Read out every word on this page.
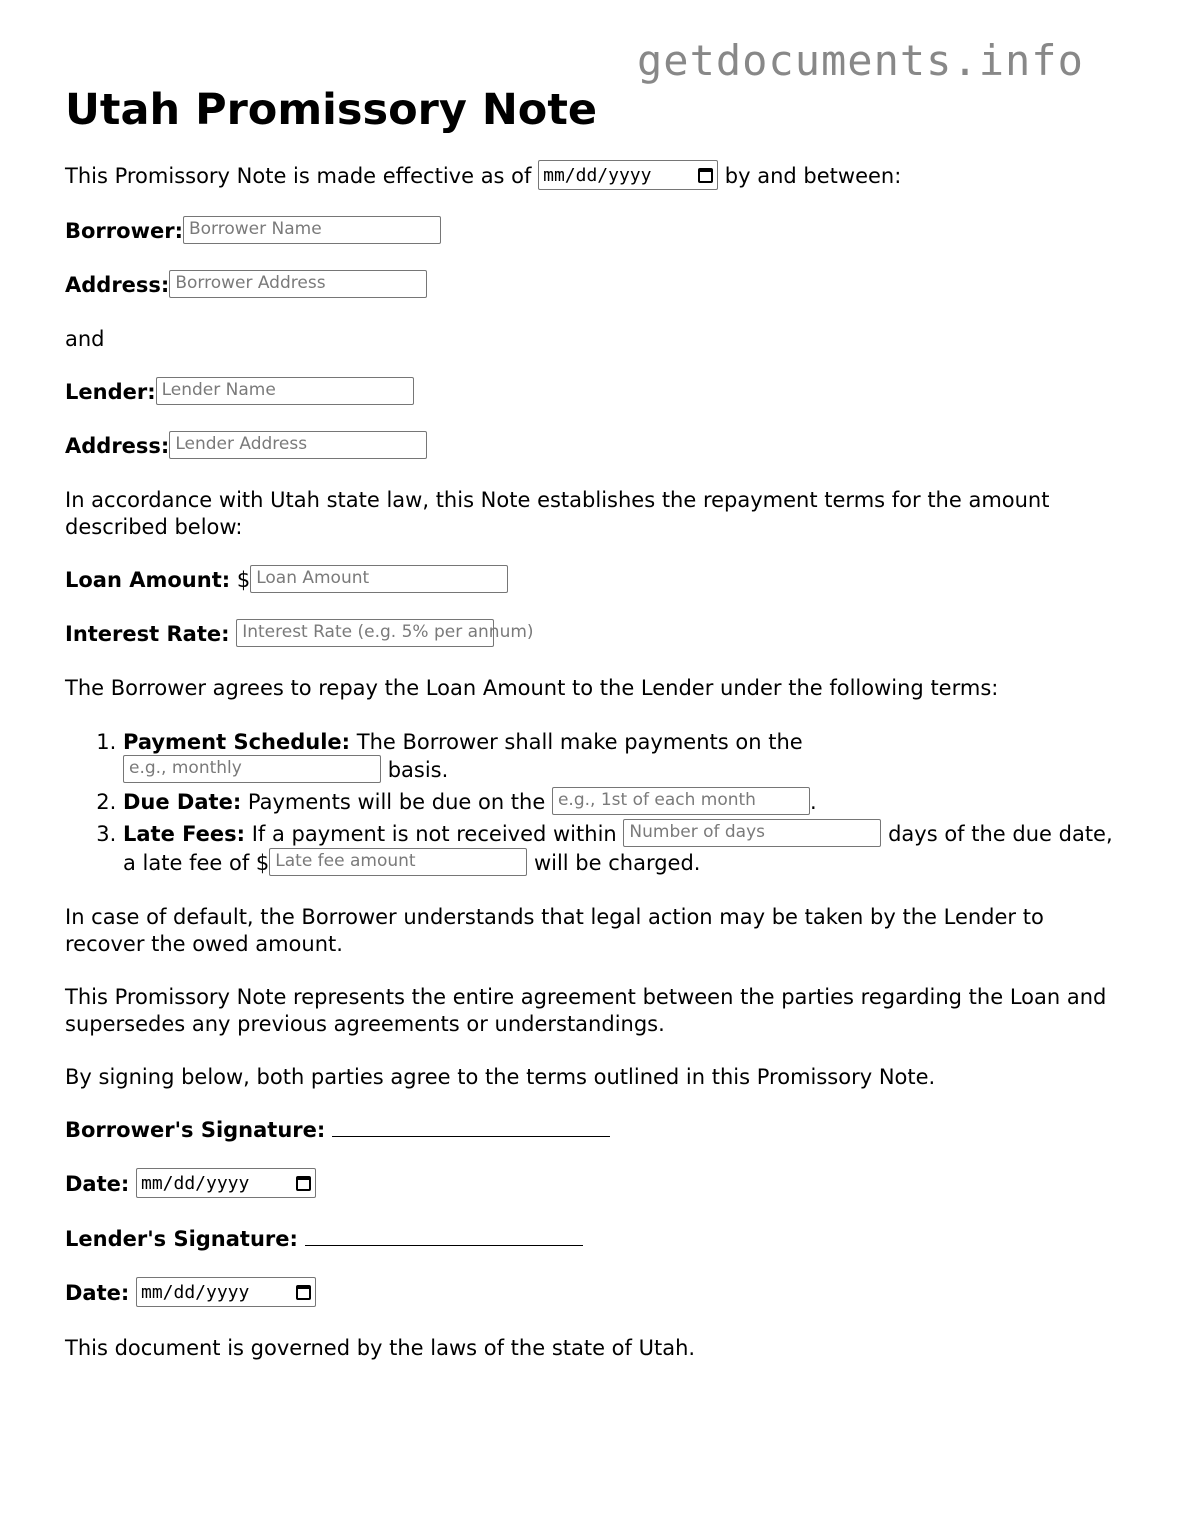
getdocuments.info
Utah Promissory Note

This Promissory Note is made effective as of mm/dd/yyyy	by and between:

Borrower: Borrower Name

Address: Borrower Address

and

Lender: Lender Name

Address: Lender Address

In accordance with Utah state law, this Note establishes the repayment terms for the amount described below:

Loan Amount: $ Loan Amount

Interest Rate: Interest Rate (e.g. 5% per annum)

The Borrower agrees to repay the Loan Amount to the Lender under the following terms:

1. Payment Schedule: The Borrower shall make payments on the
e.g., monthly	basis.
2. Due Date: Payments will be due on the e.g., 1st of each month	.
3. Late Fees: If a payment is not received within Number of days	days of the due date, a late fee of $ Late fee amount	will be charged.

In case of default, the Borrower understands that legal action may be taken by the Lender to recover the owed amount.

This Promissory Note represents the entire agreement between the parties regarding the Loan and supersedes any previous agreements or understandings.

By signing below, both parties agree to the terms outlined in this Promissory Note.

Borrower's Signature:

Date: mm/dd/yyyy

Lender's Signature:

Date: mm/dd/yyyy

This document is governed by the laws of the state of Utah.
